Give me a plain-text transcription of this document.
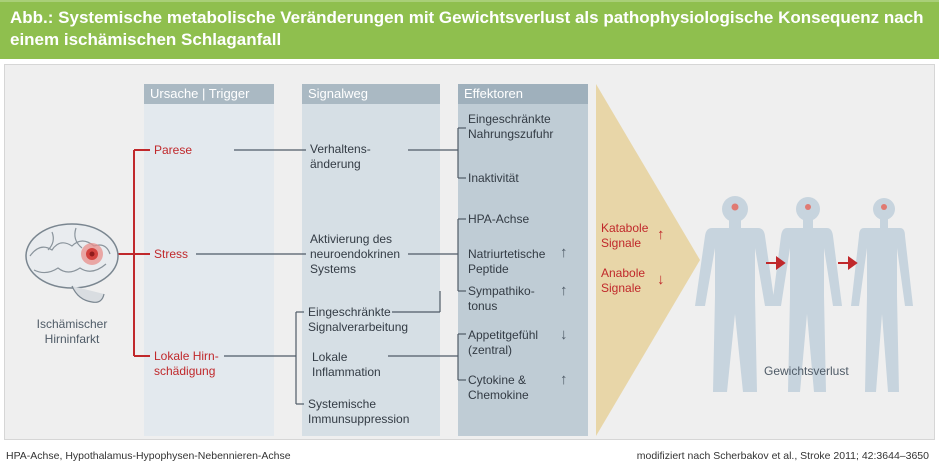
Abb.: Systemische metabolische Veränderungen mit Gewichtsverlust als pathophysiologische Konsequenz nach einem ischämischen Schlaganfall
Ursache | Trigger	Signalweg	Effektoren
Ischämischer
Hirninfarkt
Parese
Stress
Lokale Hirn-
schädigung
Verhaltens-
änderung
Aktivierung des
neuroendokrinen
Systems
Eingeschränkte
Signalverarbeitung
Lokale
Inflammation
Systemische
Immunsuppression
Eingeschränkte
Nahrungszufuhr
Inaktivität
HPA-Achse
Natriurtetische
Peptide
Sympathiko-
tonus
Appetitgefühl
(zentral)
Cytokine &
Chemokine
↑
↑
↓
↑
Katabole
Signale	↑
Anabole
Signale ↓
Gewichtsverlust
HPA-Achse, Hypothalamus-Hypophysen-Nebennieren-Achse	modifiziert nach Scherbakov et al., Stroke 2011; 42:3644–3650
